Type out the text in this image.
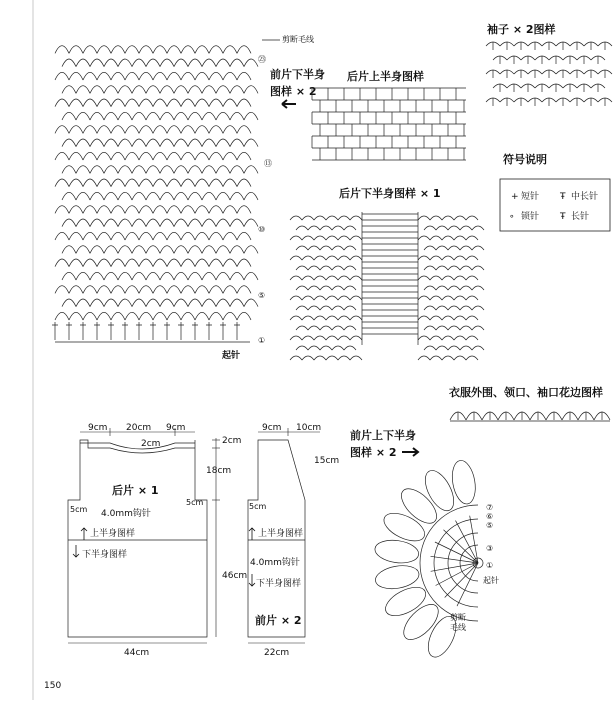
剪断毛线
㉓
⑬
⑩
⑤
①
起针
前片下半身
图样 × 2
后片上半身图样
袖子 × 2图样
符号说明
+ 短针 Ŧ 中长针
∘ 锁针 Ŧ 长针
后片下半身图样 × 1
衣服外围、领口、袖口花边图样
9cm 20cm 9cm
2cm	2cm
18cm
46cm
5cm
5cm
44cm
后片 × 1
4.0mm钩针
上半身图样
下半身图样
9cm 10cm
15cm
5cm
22cm
上半身图样
4.0mm钩针
下半身图样
前片 × 2
前片上下半身
图样 × 2
⑦
⑥
⑤
③
①
起针
剪断
毛线
150
